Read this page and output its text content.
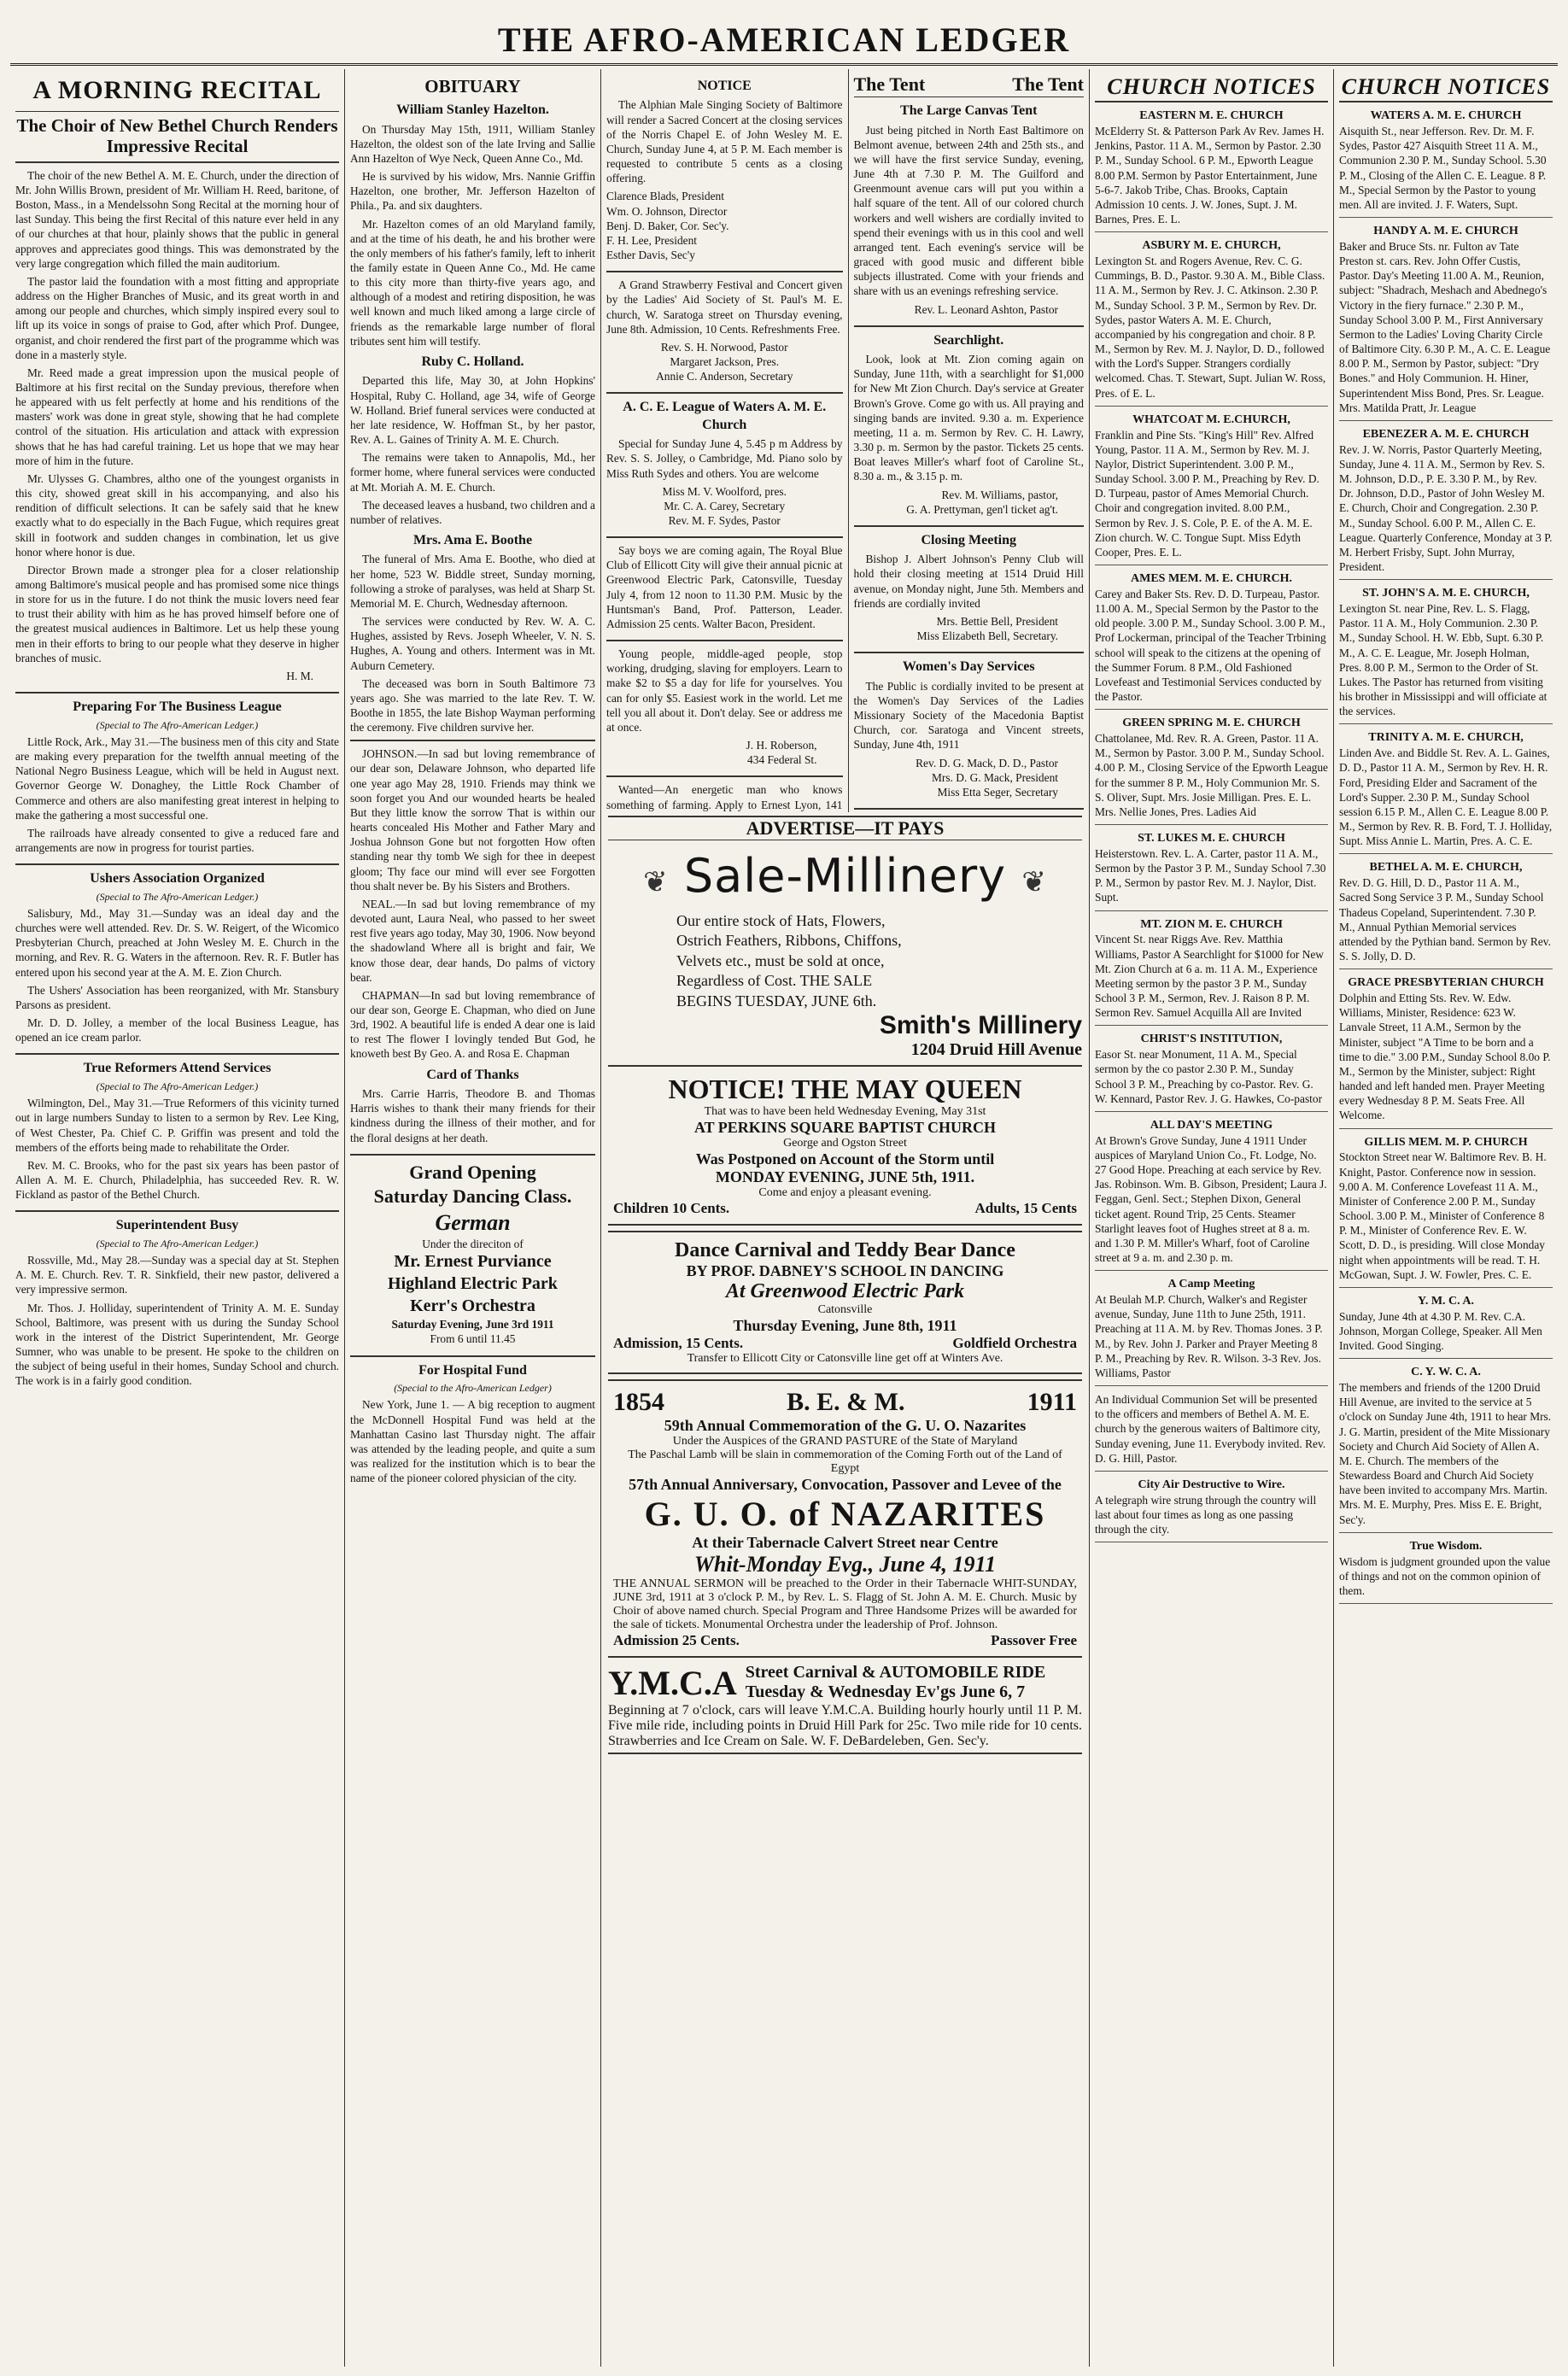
THE AFRO-AMERICAN LEDGER
A MORNING RECITAL
The Choir of New Bethel Church Renders Impressive Recital

The choir of the new Bethel A. M. E. Church, under the direction of Mr. John Willis Brown, president of Mr. William H. Reed, baritone, of Boston, Mass., in a Mendelssohn Song Recital at the morning hour of last Sunday. This being the first Recital of this nature ever held in any of our churches at that hour, plainly shows that the public in general approves and appreciates good things. This was demonstrated by the very large congregation which filled the main auditorium.

The pastor laid the foundation with a most fitting and appropriate address on the Higher Branches of Music, and its great worth in and among our people and churches, which simply inspired every soul to lift up its voice in songs of praise to God, after which Prof. Dungee, organist, and choir rendered the first part of the programme which was done in a masterly style.

Mr. Reed made a great impression upon the musical people of Baltimore at his first recital on the Sunday previous, therefore when he appeared with us felt perfectly at home and his renditions of the masters' work was done in great style, showing that he had complete control of the situation. His articulation and attack with expression shows that he has had careful training. Let us hope that we may hear more of him in the future.

Mr. Ulysses G. Chambres, altho one of the youngest organists in this city, showed great skill in his accompanying, and also his rendition of difficult selections. It can be safely said that he knew exactly what to do especially in the Bach Fugue, which requires great skill in footwork and sudden changes in combination, let us give honor where honor is due.

Director Brown made a stronger plea for a closer relationship among Baltimore's musical people and has promised some nice things in store for us in the future. I do not think the music lovers need fear to trust their ability with him as he has proved himself before one of the greatest musical audiences in Baltimore. Let us help these young men in their efforts to bring to our people what they deserve in higher branches of music.

H. M.

Preparing For The Business League
(Special to The Afro-American Ledger.)

Little Rock, Ark., May 31.—The business men of this city and State are making every preparation for the twelfth annual meeting of the National Negro Business League, which will be held in August next. Governor George W. Donaghey, the Little Rock Chamber of Commerce and others are also manifesting great interest in helping to make the gathering a most successful one.

The railroads have already consented to give a reduced fare and arrangements are now in progress for tourist parties.

Ushers Association Organized
(Special to The Afro-American Ledger.)

Salisbury, Md., May 31.—Sunday was an ideal day and the churches were well attended. Rev. Dr. S. W. Reigert, of the Wicomico Presbyterian Church, preached at John Wesley M. E. Church in the morning, and Rev. R. G. Waters in the afternoon. Rev. R. F. Butler has entered upon his second year at the A. M. E. Zion Church.

The Ushers' Association has been reorganized, with Mr. Stansbury Parsons as president.

Mr. D. D. Jolley, a member of the local Business League, has opened an ice cream parlor.

True Reformers Attend Services
(Special to The Afro-American Ledger.)

Wilmington, Del., May 31.—True Reformers of this vicinity turned out in large numbers Sunday to listen to a sermon by Rev. Lee King, of West Chester, Pa. Chief C. P. Griffin was present and told the members of the efforts being made to rehabilitate the Order.

Rev. M. C. Brooks, who for the past six years has been pastor of Allen A. M. E. Church, Philadelphia, has succeeded Rev. R. W. Fickland as pastor of the Bethel Church.

Superintendent Busy
(Special to The Afro-American Ledger.)

Rossville, Md., May 28.—Sunday was a special day at St. Stephen A. M. E. Church. Rev. T. R. Sinkfield, their new pastor, delivered a very impressive sermon.

Mr. Thos. J. Holliday, superintendent of Trinity A. M. E. Sunday School, Baltimore, was present with us during the Sunday School work in the interest of the District Superintendent, Mr. George Sumner, who was unable to be present. He spoke to the children on the subject of being useful in their homes, Sunday School and church. The work is in a fairly good condition.

OBITUARY
William Stanley Hazelton.

On Thursday May 15th, 1911, William Stanley Hazelton, the oldest son of the late Irving and Sallie Ann Hazelton of Wye Neck, Queen Anne Co., Md.

He is survived by his widow, Mrs. Nannie Griffin Hazelton, one brother, Mr. Jefferson Hazelton of Phila., Pa. and six daughters.

Mr. Hazelton comes of an old Maryland family, and at the time of his death, he and his brother were the only members of his father's family, left to inherit the family estate in Queen Anne Co., Md. He came to this city more than thirty-five years ago, and although of a modest and retiring disposition, he was well known and much liked among a large circle of friends as the remarkable large number of floral tributes sent him will testify.

Ruby C. Holland.

Departed this life, May 30, at John Hopkins' Hospital, Ruby C. Holland, age 34, wife of George W. Holland. Brief funeral services were conducted at her late residence, W. Hoffman St., by her pastor, Rev. A. L. Gaines of Trinity A. M. E. Church.

The remains were taken to Annapolis, Md., her former home, where funeral services were conducted at Mt. Moriah A. M. E. Church.

The deceased leaves a husband, two children and a number of relatives.

Mrs. Ama E. Boothe

The funeral of Mrs. Ama E. Boothe, who died at her home, 523 W. Biddle street, Sunday morning, following a stroke of paralyses, was held at Sharp St. Memorial M. E. Church, Wednesday afternoon.

The services were conducted by Rev. W. A. C. Hughes, assisted by Revs. Joseph Wheeler, V. N. S. Hughes, A. Young and others. Interment was in Mt. Auburn Cemetery.

The deceased was born in South Baltimore 73 years ago. She was married to the late Rev. T. W. Boothe in 1855, the late Bishop Wayman performing the ceremony. Five children survive her.

JOHNSON.—In sad but loving remembrance of our dear son, Delaware Johnson, who departed life one year ago May 28, 1910. Friends may think we soon forget you And our wounded hearts be healed But they little know the sorrow That is within our hearts concealed His Mother and Father Mary and Joshua Johnson Gone but not forgotten How often standing near thy tomb We sigh for thee in deepest gloom; Thy face our mind will ever see Forgotten thou shalt never be. By his Sisters and Brothers.

NEAL.—In sad but loving remembrance of my devoted aunt, Laura Neal, who passed to her sweet rest five years ago today, May 30, 1906. Now beyond the shadowland Where all is bright and fair, We know those dear, dear hands, Do palms of victory bear.

CHAPMAN—In sad but loving remembrance of our dear son, George E. Chapman, who died on June 3rd, 1902. A beautiful life is ended A dear one is laid to rest The flower I lovingly tended But God, he knoweth best By Geo. A. and Rosa E. Chapman

Card of Thanks

Mrs. Carrie Harris, Theodore B. and Thomas Harris wishes to thank their many friends for their kindness during the illness of their mother, and for the floral designs at her death.

Grand Opening
Saturday Dancing Class.
German
Under the direciton of
Mr. Ernest Purviance
Highland Electric Park
Kerr's Orchestra
Saturday Evening, June 3rd 1911
From 6 until 11.45
For Hospital Fund
(Special to the Afro-American Ledger)

New York, June 1. — A big reception to augment the McDonnell Hospital Fund was held at the Manhattan Casino last Thursday night. The affair was attended by the leading people, and quite a sum was realized for the institution which is to bear the name of the pioneer colored physician of the city.

NOTICE

The Alphian Male Singing Society of Baltimore will render a Sacred Concert at the closing services of the Norris Chapel E. of John Wesley M. E. Church, Sunday June 4, at 5 P. M. Each member is requested to contribute 5 cents as a closing offering.

Clarence Blads, President
Wm. O. Johnson, Director
Benj. D. Baker, Cor. Sec'y.
F. H. Lee, President
Esther Davis, Sec'y

A Grand Strawberry Festival and Concert given by the Ladies' Aid Society of St. Paul's M. E. church, W. Saratoga street on Thursday evening, June 8th. Admission, 10 Cents. Refreshments Free.

Rev. S. H. Norwood, Pastor
Margaret Jackson, Pres.
Annie C. Anderson, Secretary
A. C. E. League of Waters A. M. E. Church

Special for Sunday June 4, 5.45 p m Address by Rev. S. S. Jolley, o Cambridge, Md. Piano solo by Miss Ruth Sydes and others. You are welcome

Miss M. V. Woolford, pres.
Mr. C. A. Carey, Secretary
Rev. M. F. Sydes, Pastor

Say boys we are coming again, The Royal Blue Club of Ellicott City will give their annual picnic at Greenwood Electric Park, Catonsville, Tuesday July 4, from 12 noon to 11.30 P.M. Music by the Huntsman's Band, Prof. Patterson, Leader. Admission 25 cents. Walter Bacon, President.

Young people, middle-aged people, stop working, drudging, slaving for employers. Learn to make $2 to $5 a day for life for yourselves. You can for only $5. Easiest work in the world. Let me tell you all about it. Don't delay. See or address me at once.

J. H. Roberson,
434 Federal St.

Wanted—An energetic man who knows something of farming. Apply to Ernest Lyon, 141

The Tent	The Tent
The Large Canvas Tent

Just being pitched in North East Baltimore on Belmont avenue, between 24th and 25th sts., and we will have the first service Sunday, evening, June 4th at 7.30 P. M. The Guilford and Greenmount avenue cars will put you within a half square of the tent. All of our colored church workers and well wishers are cordially invited to spend their evenings with us in this cool and well arranged tent. Each evening's service will be graced with good music and different bible subjects illustrated. Come with your friends and share with us an evenings refreshing service.

Rev. L. Leonard Ashton, Pastor
Searchlight.

Look, look at Mt. Zion coming again on Sunday, June 11th, with a searchlight for $1,000 for New Mt Zion Church. Day's service at Greater Brown's Grove. Come go with us. All praying and singing bands are invited. 9.30 a. m. Experience meeting, 11 a. m. Sermon by Rev. C. H. Lawry, 3.30 p. m. Sermon by the pastor. Tickets 25 cents. Boat leaves Miller's wharf foot of Caroline St., 8.30 a. m., & 3.15 p. m.

Rev. M. Williams, pastor,
G. A. Prettyman, gen'l ticket ag't.
Closing Meeting

Bishop J. Albert Johnson's Penny Club will hold their closing meeting at 1514 Druid Hill avenue, on Monday night, June 5th. Members and friends are cordially invited

Mrs. Bettie Bell, President
Miss Elizabeth Bell, Secretary.
Women's Day Services

The Public is cordially invited to be present at the Women's Day Services of the Ladies Missionary Society of the Macedonia Baptist Church, cor. Saratoga and Vincent streets, Sunday, June 4th, 1911

Rev. D. G. Mack, D. D., Pastor
Mrs. D. G. Mack, President
Miss Etta Seger, Secretary

ADVERTISE—IT PAYS
❦ Sale-Millinery ❦
Our entire stock of Hats, Flowers,
Ostrich Feathers, Ribbons, Chiffons,
Velvets etc., must be sold at once,
Regardless of Cost. THE SALE
BEGINS TUESDAY, JUNE 6th.
Smith's Millinery
1204 Druid Hill Avenue
NOTICE! THE MAY QUEEN
That was to have been held Wednesday Evening, May 31st
AT PERKINS SQUARE BAPTIST CHURCH
George and Ogston Street
Was Postponed on Account of the Storm until
MONDAY EVENING, JUNE 5th, 1911.
Come and enjoy a pleasant evening.
Children 10 Cents.	Adults, 15 Cents
Dance Carnival and Teddy Bear Dance
BY PROF. DABNEY'S SCHOOL IN DANCING
At Greenwood Electric Park
Catonsville
Thursday Evening, June 8th, 1911
Admission, 15 Cents.	Goldfield Orchestra
Transfer to Ellicott City or Catonsville line get off at Winters Ave.
1854	B. E. & M.	1911
59th Annual Commemoration of the G. U. O. Nazarites
Under the Auspices of the GRAND PASTURE of the State of Maryland
The Paschal Lamb will be slain in commemoration of the Coming Forth out of the Land of Egypt
57th Annual Anniversary, Convocation, Passover and Levee of the
G. U. O. of NAZARITES
At their Tabernacle Calvert Street near Centre
Whit-Monday Evg., June 4, 1911
THE ANNUAL SERMON will be preached to the Order in their Tabernacle WHIT-SUNDAY, JUNE 3rd, 1911 at 3 o'clock P. M., by Rev. L. S. Flagg of St. John A. M. E. Church. Music by Choir of above named church. Special Program and Three Handsome Prizes will be awarded for the sale of tickets. Monumental Orchestra under the leadership of Prof. Johnson.
Admission 25 Cents.	Passover Free
Y.M.C.A Street Carnival & AUTOMOBILE RIDE
Tuesday & Wednesday Ev'gs June 6, 7
Beginning at 7 o'clock, cars will leave Y.M.C.A. Building hourly hourly until 11 P. M. Five mile ride, including points in Druid Hill Park for 25c. Two mile ride for 10 cents. Strawberries and Ice Cream on Sale. W. F. DeBardeleben, Gen. Sec'y.
CHURCH NOTICES
EASTERN M. E. CHURCH

McElderry St. & Patterson Park Av Rev. James H. Jenkins, Pastor. 11 A. M., Sermon by Pastor. 2.30 P. M., Sunday School. 6 P. M., Epworth League 8.00 P.M. Sermon by Pastor Entertainment, June 5-6-7. Jakob Tribe, Chas. Brooks, Captain Admission 10 cents. J. W. Jones, Supt. J. M. Barnes, Pres. E. L.

ASBURY M. E. CHURCH,

Lexington St. and Rogers Avenue, Rev. C. G. Cummings, B. D., Pastor. 9.30 A. M., Bible Class. 11 A. M., Sermon by Rev. J. C. Atkinson. 2.30 P. M., Sunday School. 3 P. M., Sermon by Rev. Dr. Sydes, pastor Waters A. M. E. Church, accompanied by his congregation and choir. 8 P. M., Sermon by Rev. M. J. Naylor, D. D., followed with the Lord's Supper. Strangers cordially welcomed. Chas. T. Stewart, Supt. Julian W. Ross, Pres. of E. L.

WHATCOAT M. E.CHURCH,

Franklin and Pine Sts. "King's Hill" Rev. Alfred Young, Pastor. 11 A. M., Sermon by Rev. M. J. Naylor, District Superintendent. 3.00 P. M., Sunday School. 3.00 P. M., Preaching by Rev. D. D. Turpeau, pastor of Ames Memorial Church. Choir and congregation invited. 8.00 P.M., Sermon by Rev. J. S. Cole, P. E. of the A. M. E. Zion church. W. C. Tongue Supt. Miss Edyth Cooper, Pres. E. L.

AMES MEM. M. E. CHURCH.

Carey and Baker Sts. Rev. D. D. Turpeau, Pastor. 11.00 A. M., Special Sermon by the Pastor to the old people. 3.00 P. M., Sunday School. 3.00 P. M., Prof Lockerman, principal of the Teacher Trbining school will speak to the citizens at the opening of the Summer Forum. 8 P.M., Old Fashioned Lovefeast and Testimonial Services conducted by the Pastor.

GREEN SPRING M. E. CHURCH

Chattolanee, Md. Rev. R. A. Green, Pastor. 11 A. M., Sermon by Pastor. 3.00 P. M., Sunday School. 4.00 P. M., Closing Service of the Epworth League for the summer 8 P. M., Holy Communion Mr. S. S. Oliver, Supt. Mrs. Josie Milligan. Pres. E. L. Mrs. Nellie Jones, Pres. Ladies Aid

ST. LUKES M. E. CHURCH

Heisterstown. Rev. L. A. Carter, pastor 11 A. M., Sermon by the Pastor 3 P. M., Sunday School 7.30 P. M., Sermon by pastor Rev. M. J. Naylor, Dist. Supt.

MT. ZION M. E. CHURCH

Vincent St. near Riggs Ave. Rev. Matthia Williams, Pastor A Searchlight for $1000 for New Mt. Zion Church at 6 a. m. 11 A. M., Experience Meeting sermon by the pastor 3 P. M., Sunday School 3 P. M., Sermon, Rev. J. Raison 8 P. M. Sermon Rev. Samuel Acquilla All are Invited

CHRIST'S INSTITUTION,

Easor St. near Monument, 11 A. M., Special sermon by the co pastor 2.30 P. M., Sunday School 3 P. M., Preaching by co-Pastor. Rev. G. W. Kennard, Pastor Rev. J. G. Hawkes, Co-pastor

ALL DAY'S MEETING

At Brown's Grove Sunday, June 4 1911 Under auspices of Maryland Union Co., Ft. Lodge, No. 27 Good Hope. Preaching at each service by Rev. Jas. Robinson. Wm. B. Gibson, President; Laura J. Feggan, Genl. Sect.; Stephen Dixon, General ticket agent. Round Trip, 25 Cents. Steamer Starlight leaves foot of Hughes street at 8 a. m. and 1.30 P. M. Miller's Wharf, foot of Caroline street at 9 a. m. and 2.30 p. m.

A Camp Meeting

At Beulah M.P. Church, Walker's and Register avenue, Sunday, June 11th to June 25th, 1911. Preaching at 11 A. M. by Rev. Thomas Jones. 3 P. M., by Rev. John J. Parker and Prayer Meeting 8 P. M., Preaching by Rev. R. Wilson. 3-3 Rev. Jos. Williams, Pastor

An Individual Communion Set will be presented to the officers and members of Bethel A. M. E. church by the generous waiters of Baltimore city, Sunday evening, June 11. Everybody invited. Rev. D. G. Hill, Pastor.

City Air Destructive to Wire.

A telegraph wire strung through the country will last about four times as long as one passing through the city.

CHURCH NOTICES
WATERS A. M. E. CHURCH

Aisquith St., near Jefferson. Rev. Dr. M. F. Sydes, Pastor 427 Aisquith Street 11 A. M., Communion 2.30 P. M., Sunday School. 5.30 P. M., Closing of the Allen C. E. League. 8 P. M., Special Sermon by the Pastor to young men. All are invited. J. F. Waters, Supt.

HANDY A. M. E. CHURCH

Baker and Bruce Sts. nr. Fulton av Tate Preston st. cars. Rev. John Offer Custis, Pastor. Day's Meeting 11.00 A. M., Reunion, subject: "Shadrach, Meshach and Abednego's Victory in the fiery furnace." 2.30 P. M., Sunday School 3.00 P. M., First Anniversary Sermon to the Ladies' Loving Charity Circle of Baltimore City. 6.30 P. M., A. C. E. League 8.00 P. M., Sermon by Pastor, subject: "Dry Bones." and Holy Communion. H. Hiner, Superintendent Miss Bond, Pres. Sr. League. Mrs. Matilda Pratt, Jr. League

EBENEZER A. M. E. CHURCH

Rev. J. W. Norris, Pastor Quarterly Meeting, Sunday, June 4. 11 A. M., Sermon by Rev. S. M. Johnson, D.D., P. E. 3.30 P. M., by Rev. Dr. Johnson, D.D., Pastor of John Wesley M. E. Church, Choir and Congregation. 2.30 P. M., Sunday School. 6.00 P. M., Allen C. E. League. Quarterly Conference, Monday at 3 P. M. Herbert Frisby, Supt. John Murray, President.

ST. JOHN'S A. M. E. CHURCH,

Lexington St. near Pine, Rev. L. S. Flagg, Pastor. 11 A. M., Holy Communion. 2.30 P. M., Sunday School. H. W. Ebb, Supt. 6.30 P. M., A. C. E. League, Mr. Joseph Holman, Pres. 8.00 P. M., Sermon to the Order of St. Lukes. The Pastor has returned from visiting his brother in Mississippi and will officiate at the services.

TRINITY A. M. E. CHURCH,

Linden Ave. and Biddle St. Rev. A. L. Gaines, D. D., Pastor 11 A. M., Sermon by Rev. H. R. Ford, Presiding Elder and Sacrament of the Lord's Supper. 2.30 P. M., Sunday School session 6.15 P. M., Allen C. E. League 8.00 P. M., Sermon by Rev. R. B. Ford, T. J. Holliday, Supt. Miss Annie L. Martin, Pres. A. C. E.

BETHEL A. M. E. CHURCH,

Rev. D. G. Hill, D. D., Pastor 11 A. M., Sacred Song Service 3 P. M., Sunday School Thadeus Copeland, Superintendent. 7.30 P. M., Annual Pythian Memorial services attended by the Pythian band. Sermon by Rev. S. S. Jolly, D. D.

GRACE PRESBYTERIAN CHURCH

Dolphin and Etting Sts. Rev. W. Edw. Williams, Minister, Residence: 623 W. Lanvale Street, 11 A.M., Sermon by the Minister, subject "A Time to be born and a time to die." 3.00 P.M., Sunday School 8.0o P. M., Sermon by the Minister, subject: Right handed and left handed men. Prayer Meeting every Wednesday 8 P. M. Seats Free. All Welcome.

GILLIS MEM. M. P. CHURCH

Stockton Street near W. Baltimore Rev. B. H. Knight, Pastor. Conference now in session. 9.00 A. M. Conference Lovefeast 11 A. M., Minister of Conference 2.00 P. M., Sunday School. 3.00 P. M., Minister of Conference 8 P. M., Minister of Conference Rev. E. W. Scott, D. D., is presiding. Will close Monday night when appointments will be read. T. H. McGowan, Supt. J. W. Fowler, Pres. C. E.

Y. M. C. A.

Sunday, June 4th at 4.30 P. M. Rev. C.A. Johnson, Morgan College, Speaker. All Men Invited. Good Singing.

C. Y. W. C. A.

The members and friends of the 1200 Druid Hill Avenue, are invited to the service at 5 o'clock on Sunday June 4th, 1911 to hear Mrs. J. G. Martin, president of the Mite Missionary Society and Church Aid Society of Allen A. M. E. Church. The members of the Stewardess Board and Church Aid Society have been invited to accompany Mrs. Martin. Mrs. M. E. Murphy, Pres. Miss E. E. Bright, Sec'y.

True Wisdom.

Wisdom is judgment grounded upon the value of things and not on the common opinion of them.
